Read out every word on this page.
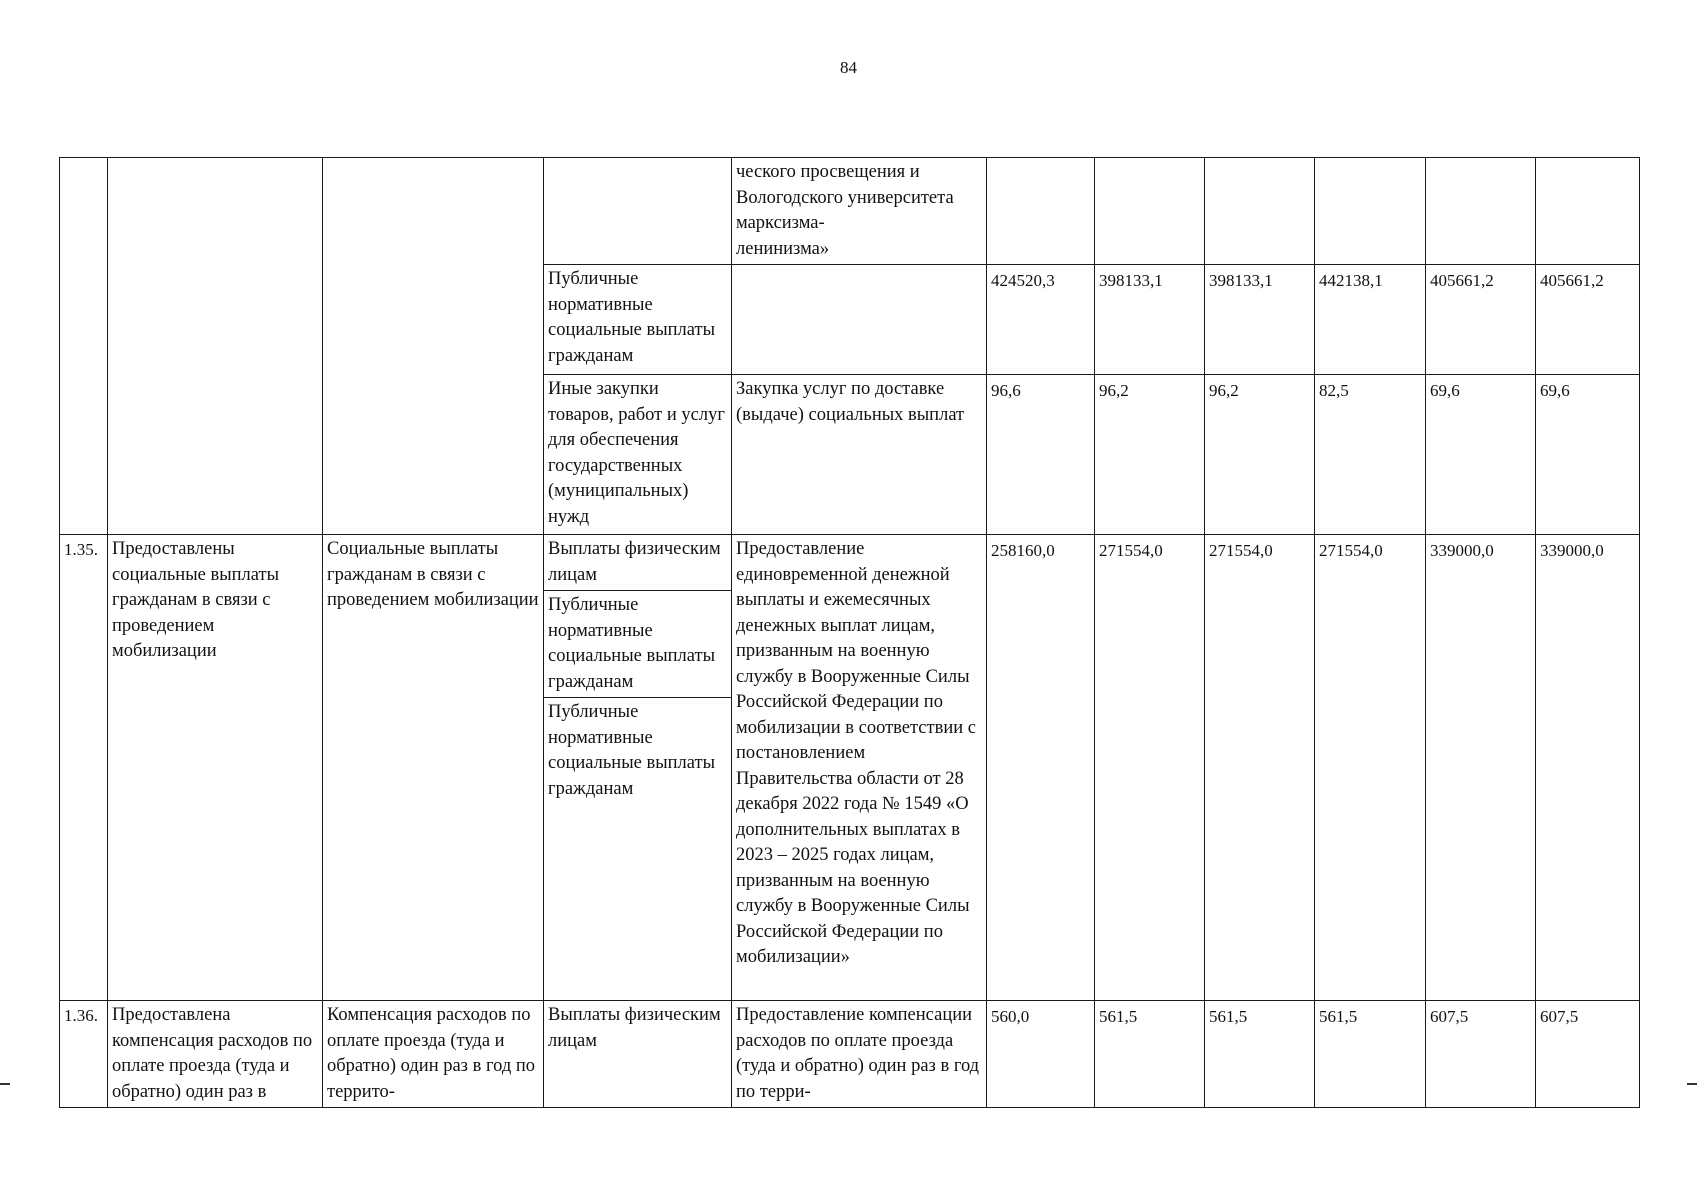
84
				ческого просвещения и
Вологодского университета марксизма-
ленинизма»						
			Публичные нормативные социальные выплаты гражданам		424520,3	398133,1	398133,1	442138,1	405661,2	405661,2
			Иные закупки товаров, работ и услуг для обеспечения государственных (муниципальных) нужд	Закупка услуг по доставке (выдаче) социальных выплат	96,6	96,2	96,2	82,5	69,6	69,6
1.35.	Предоставлены социальные выплаты гражданам в связи с проведением мобилизации	Социальные выплаты гражданам в связи с проведением мобилизации	Выплаты физическим лицам	Предоставление единовременной денежной выплаты и ежемесячных денежных выплат лицам, призванным на военную службу в Вооруженные Силы Российской Федерации по мобилизации в соответствии с постановлением Правительства области от 28 декабря 2022 года № 1549 «О дополнительных выплатах в 2023 – 2025 годах лицам, призванным на военную службу в Вооруженные Силы Российской Федерации по мобилизации»	258160,0	271554,0	271554,0	271554,0	339000,0	339000,0
			Публичные нормативные социальные выплаты гражданам							
			Публичные нормативные социальные выплаты гражданам							
1.36.	Предоставлена компенсация расходов по оплате проезда (туда и обратно) один раз в	Компенсация расходов по оплате проезда (туда и обратно) один раз в год по террито-	Выплаты физическим лицам	Предоставление компенсации расходов по оплате проезда (туда и обратно) один раз в год по терри-	560,0	561,5	561,5	561,5	607,5	607,5
